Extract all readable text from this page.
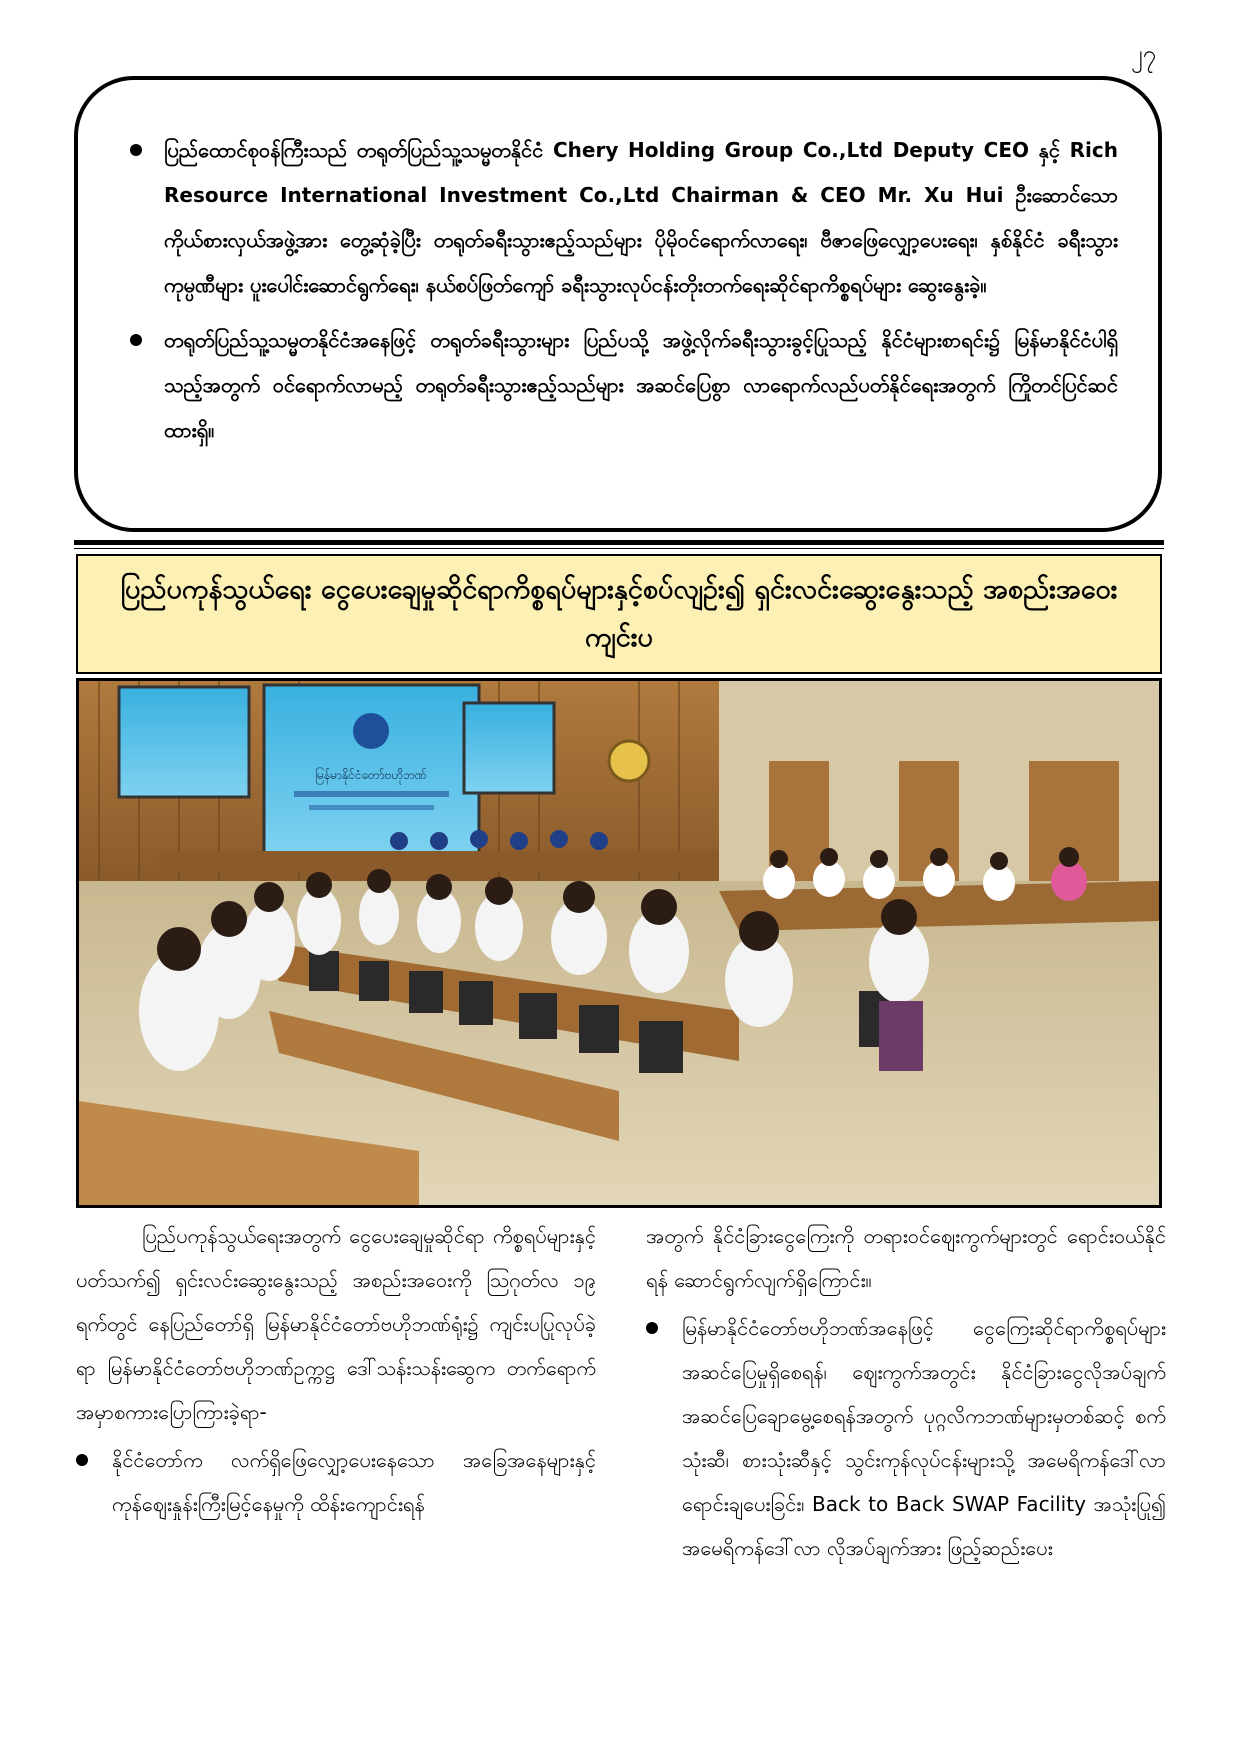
၂၇
ပြည်ထောင်စုဝန်ကြီးသည် တရုတ်ပြည်သူ့သမ္မတနိုင်ငံ Chery Holding Group Co.,Ltd Deputy CEO နှင့် Rich Resource International Investment Co.,Ltd Chairman & CEO Mr. Xu Hui ဦးဆောင်သော ကိုယ်စားလှယ်အဖွဲ့အား တွေ့ဆုံခဲ့ပြီး တရုတ်ခရီးသွားဧည့်သည်များ ပိုမိုဝင်ရောက်လာရေး၊ ဗီဇာဖြေလျှော့ပေးရေး၊ နှစ်နိုင်ငံ ခရီးသွားကုမ္ပဏီများ ပူးပေါင်းဆောင်ရွက်ရေး၊ နယ်စပ်ဖြတ်ကျော် ခရီးသွားလုပ်ငန်းတိုးတက်ရေးဆိုင်ရာကိစ္စရပ်များ ဆွေးနွေးခဲ့။
တရုတ်ပြည်သူ့သမ္မတနိုင်ငံအနေဖြင့် တရုတ်ခရီးသွားများ ပြည်ပသို့ အဖွဲ့လိုက်ခရီးသွားခွင့်ပြုသည့် နိုင်ငံများစာရင်း၌ မြန်မာနိုင်ငံပါရှိသည့်အတွက် ဝင်ရောက်လာမည့် တရုတ်ခရီးသွားဧည့်သည်များ အဆင်ပြေစွာ လာရောက်လည်ပတ်နိုင်ရေးအတွက် ကြိုတင်ပြင်ဆင်ထားရှိ။
ပြည်ပကုန်သွယ်ရေး ငွေပေးချေမှုဆိုင်ရာကိစ္စရပ်များနှင့်စပ်လျဉ်း၍ ရှင်းလင်းဆွေးနွေးသည့် အစည်းအဝေးကျင်းပ
မြန်မာနိုင်ငံတော်ဗဟိုဘဏ်

ပြည်ပကုန်သွယ်ရေးအတွက် ငွေပေးချေမှုဆိုင်ရာ ကိစ္စရပ်များနှင့်ပတ်သက်၍ ရှင်းလင်းဆွေးနွေးသည့် အစည်းအဝေးကို ဩဂုတ်လ ၁၉ ရက်တွင် နေပြည်တော်ရှိ မြန်မာနိုင်ငံတော်ဗဟိုဘဏ်ရုံး၌ ကျင်းပပြုလုပ်ခဲ့ရာ မြန်မာနိုင်ငံတော်ဗဟိုဘဏ်ဥက္ကဋ္ဌ ဒေါ်သန်းသန်းဆွေက တက်ရောက်အမှာစကားပြောကြားခဲ့ရာ-

နိုင်ငံတော်က လက်ရှိဖြေလျှော့ပေးနေသော အခြေအနေများနှင့် ကုန်ဈေးနှုန်းကြီးမြင့်နေမှုကို ထိန်းကျောင်းရန်

အတွက် နိုင်ငံခြားငွေကြေးကို တရားဝင်ဈေးကွက်များတွင် ရောင်းဝယ်နိုင်ရန် ဆောင်ရွက်လျက်ရှိကြောင်း။

မြန်မာနိုင်ငံတော်ဗဟိုဘဏ်အနေဖြင့် ငွေကြေးဆိုင်ရာကိစ္စရပ်များ အဆင်ပြေမှုရှိစေရန်၊ ဈေးကွက်အတွင်း နိုင်ငံခြားငွေလိုအပ်ချက် အဆင်ပြေချောမွေ့စေရန်အတွက် ပုဂ္ဂလိကဘဏ်များမှတစ်ဆင့် စက်သုံးဆီ၊ စားသုံးဆီနှင့် သွင်းကုန်လုပ်ငန်းများသို့ အမေရိကန်ဒေါ်လာ ရောင်းချပေးခြင်း၊ Back to Back SWAP Facility အသုံးပြု၍ အမေရိကန်ဒေါ်လာ လိုအပ်ချက်အား ဖြည့်ဆည်းပေး
